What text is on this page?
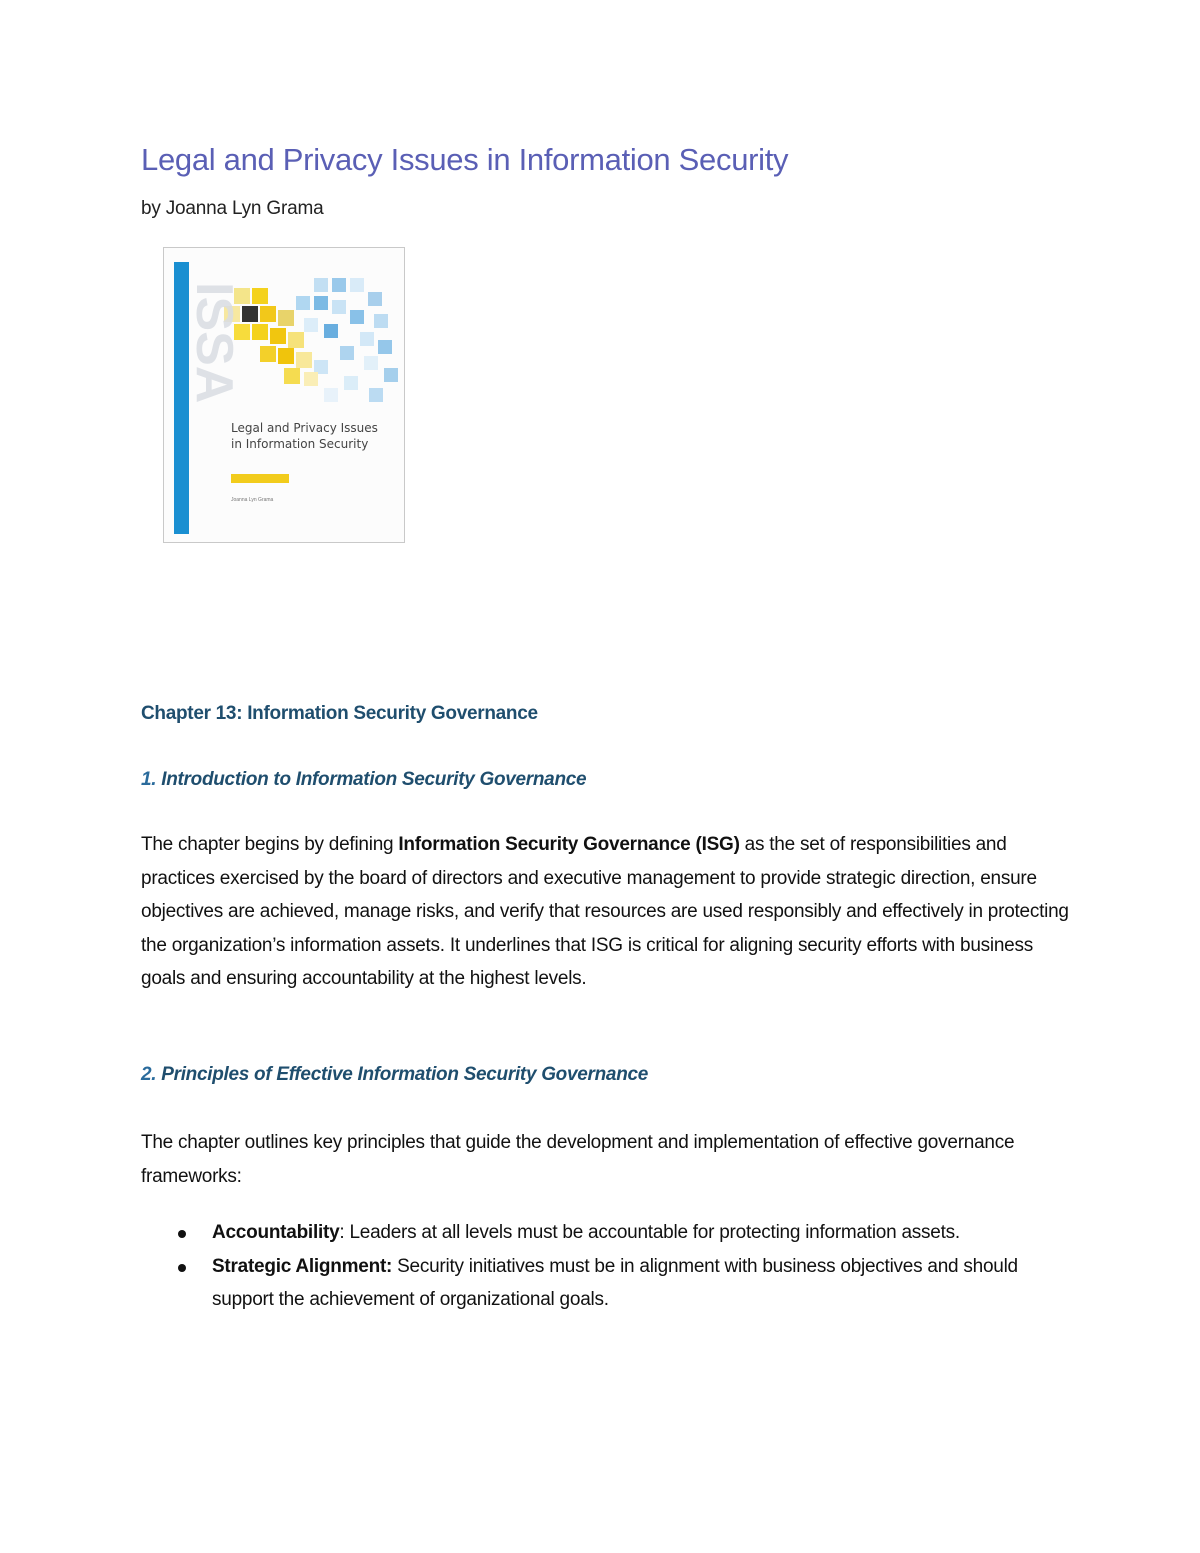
Legal and Privacy Issues in Information Security

by Joanna Lyn Grama

ISSA
Legal and Privacy Issues in Information Security
Joanna Lyn Grama
Chapter 13: Information Security Governance
1. Introduction to Information Security Governance

The chapter begins by defining Information Security Governance (ISG) as the set of responsibilities and practices exercised by the board of directors and executive management to provide strategic direction, ensure objectives are achieved, manage risks, and verify that resources are used responsibly and effectively in protecting the organization’s information assets. It underlines that ISG is critical for aligning security efforts with business goals and ensuring accountability at the highest levels.

2. Principles of Effective Information Security Governance

The chapter outlines key principles that guide the development and implementation of effective governance frameworks:

Accountability: Leaders at all levels must be accountable for protecting information assets.
Strategic Alignment: Security initiatives must be in alignment with business objectives and should support the achievement of organizational goals.
